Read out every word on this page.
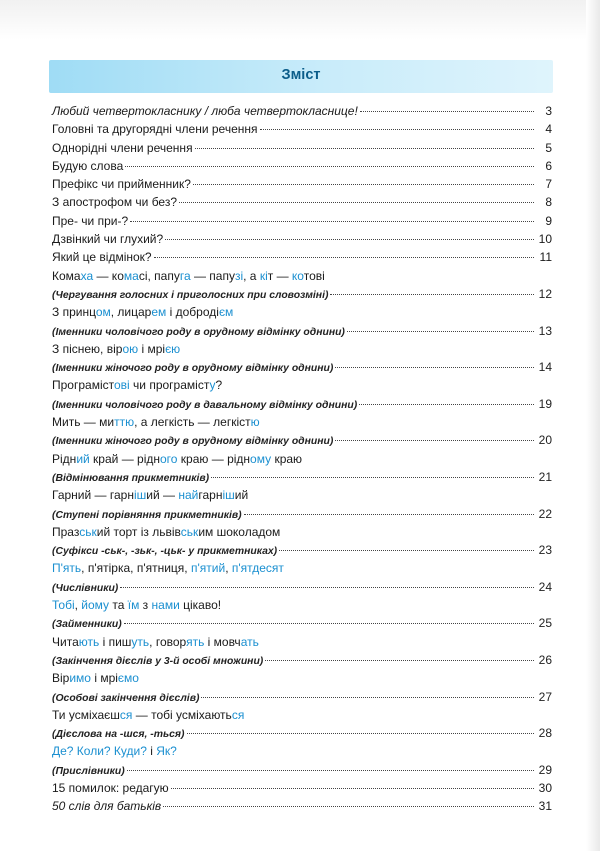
Зміст
Любий четвертокласнику / люба четвертокласнице!	3
Головні та другорядні члени речення	4
Однорідні члени речення	5
Будую слова	6
Префікс чи прийменник?	7
З апострофом чи без?	8
Пре- чи при-?	9
Дзвінкий чи глухий?	10
Який це відмінок?	11
Комаха — комасі, папуга — папузі, а кіт — котові
(Чергування голосних і приголосних при словозміні)	12
З принцом, лицарем і добродiєм
(Іменники чоловічого роду в орудному відмінку однини)	13
З піснею, вірою і мрією
(Іменники жіночого роду в орудному відмінку однини)	14
Програмістові чи програмісту?
(Іменники чоловічого роду в давальному відмінку однини)	19
Мить — миттю, а легкість — легкістю
(Іменники жіночого роду в орудному відмінку однини)	20
Рідний край — рідного краю — рідному краю
(Відмінювання прикметників)	21
Гарний — гарніший — найгарніший
(Ступені порівняння прикметників)	22
Празський торт із львівським шоколадом
(Суфікси -ськ-, -зьк-, -цьк- у прикметниках)	23
П'ять, п'ятірка, п'ятниця, п'ятий, п'ятдесят
(Числівники)	24
Тобі, йому та їм з нами цікаво!
(Займенники)	25
Читають і пишуть, говорять і мовчать
(Закінчення дієслів у 3-й особі множини)	26
Віримо і мріємо
(Особові закінчення дієслів)	27
Ти усміхаєшся — тобі усміхаються
(Дієслова на -шся, -ться)	28
Де? Коли? Куди? і Як?
(Прислівники)	29
15 помилок: редагую	30
50 слів для батьків	31
